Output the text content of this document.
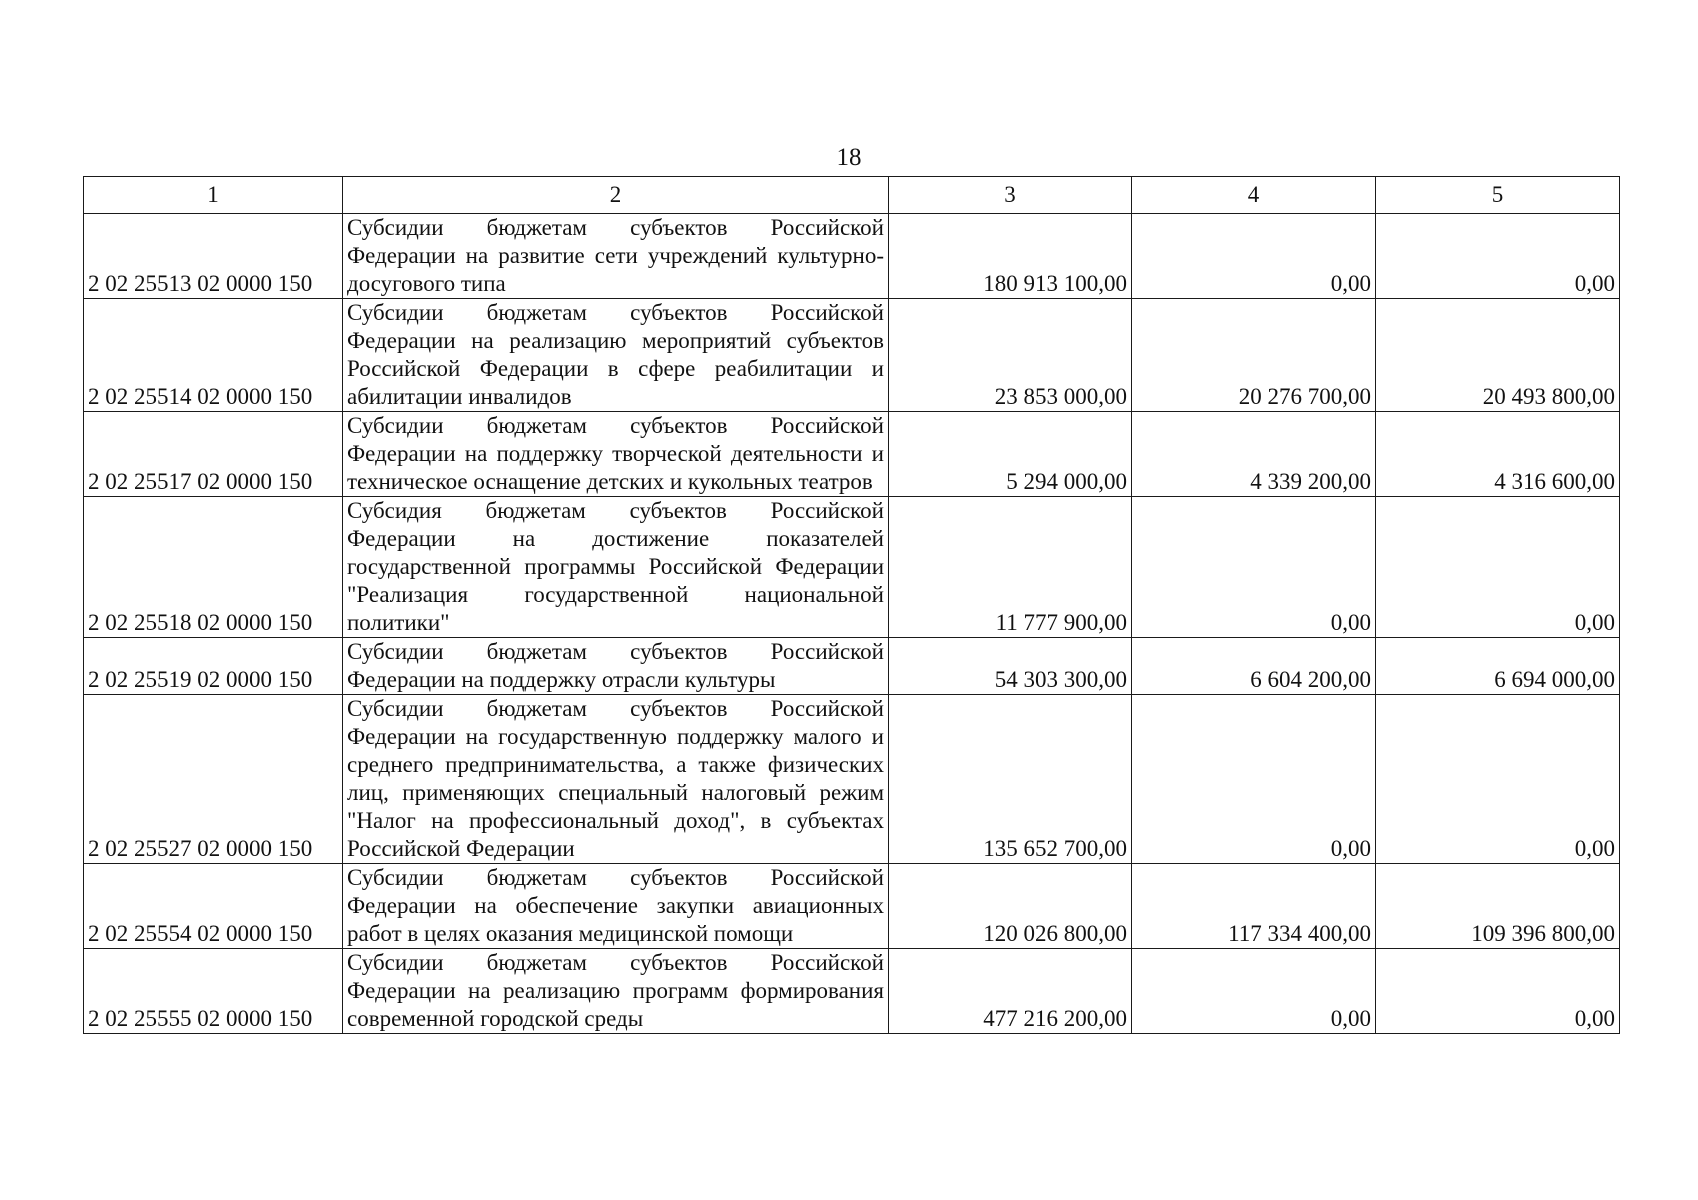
18
1	2	3	4	5
2 02 25513 02 0000 150	Субсидии бюджетам субъектов Российской Федерации на развитие сети учреждений культурно-досугового типа	180 913 100,00	0,00	0,00
2 02 25514 02 0000 150	Субсидии бюджетам субъектов Российской Федерации на реализацию мероприятий субъектов Российской Федерации в сфере реабилитации и абилитации инвалидов	23 853 000,00	20 276 700,00	20 493 800,00
2 02 25517 02 0000 150	Субсидии бюджетам субъектов Российской Федерации на поддержку творческой деятельности и техническое оснащение детских и кукольных театров	5 294 000,00	4 339 200,00	4 316 600,00
2 02 25518 02 0000 150	Субсидия бюджетам субъектов Российской Федерации на достижение показателей государственной программы Российской Федерации "Реализация государственной национальной политики"	11 777 900,00	0,00	0,00
2 02 25519 02 0000 150	Субсидии бюджетам субъектов Российской Федерации на поддержку отрасли культуры	54 303 300,00	6 604 200,00	6 694 000,00
2 02 25527 02 0000 150	Субсидии бюджетам субъектов Российской Федерации на государственную поддержку малого и среднего предпринимательства, а также физических лиц, применяющих специальный налоговый режим "Налог на профессиональный доход", в субъектах Российской Федерации	135 652 700,00	0,00	0,00
2 02 25554 02 0000 150	Субсидии бюджетам субъектов Российской Федерации на обеспечение закупки авиационных работ в целях оказания медицинской помощи	120 026 800,00	117 334 400,00	109 396 800,00
2 02 25555 02 0000 150	Субсидии бюджетам субъектов Российской Федерации на реализацию программ формирования современной городской среды	477 216 200,00	0,00	0,00
